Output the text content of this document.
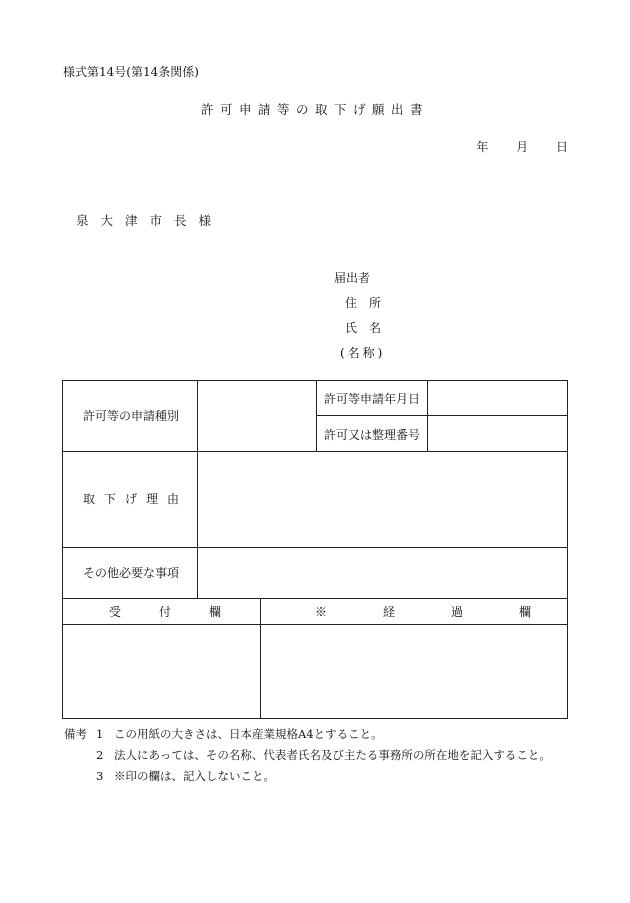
様式第14号(第14条関係)
許可申請等の取下げ願出書
年 月 日
泉大津市長様
届出者
住所
氏名
(名称)
許可等の申請種別
許可等申請年月日
許可又は整理番号
取下げ理由
その他必要な事項
受付欄	※経過欄
備考 1 この用紙の大きさは、日本産業規格A4とすること。
2 法人にあっては、その名称、代表者氏名及び主たる事務所の所在地を記入すること。
3 ※印の欄は、記入しないこと。
